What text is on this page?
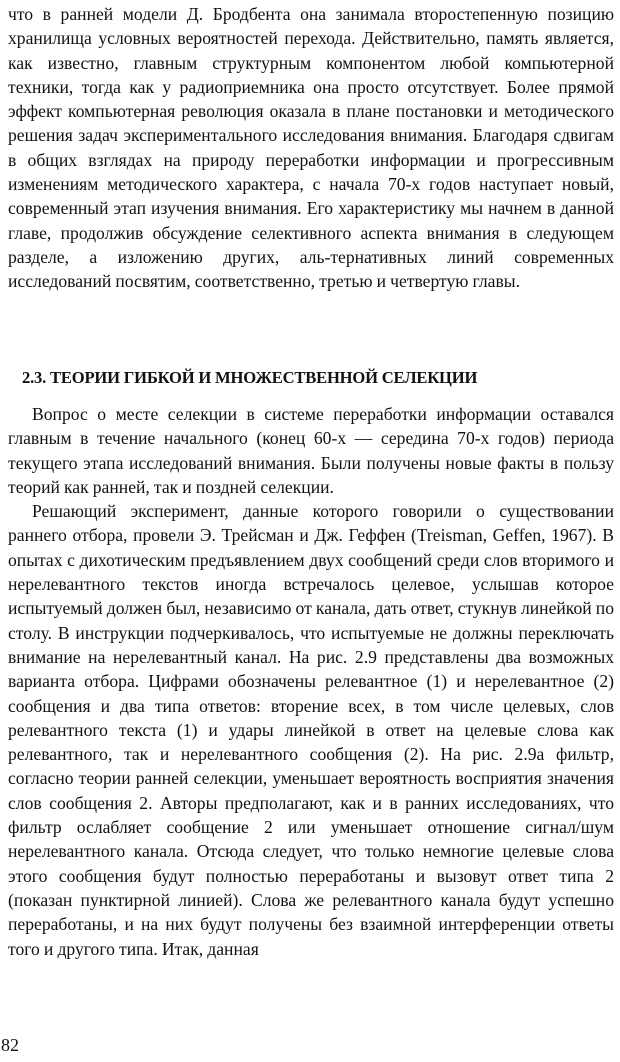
что в ранней модели Д. Бродбента она занимала второстепенную позицию хранилища условных вероятностей перехода. Действительно, память является, как известно, главным структурным компонентом любой компьютерной техники, тогда как у радиоприемника она просто отсутствует. Более прямой эффект компьютерная революция оказала в плане постановки и методического решения задач экспериментального исследования внимания. Благодаря сдвигам в общих взглядах на природу переработки информации и прогрессивным изменениям методического характера, с начала 70-х годов наступает новый, современный этап изучения внимания. Его характеристику мы начнем в данной главе, продолжив обсуждение селективного аспекта внимания в следующем разделе, а изложению других, аль-тернативных линий современных исследований посвятим, соответственно, третью и четвертую главы.

2.3. ТЕОРИИ ГИБКОЙ И МНОЖЕСТВЕННОЙ СЕЛЕКЦИИ

Вопрос о месте селекции в системе переработки информации оставался главным в течение начального (конец 60-х — середина 70-х годов) периода текущего этапа исследований внимания. Были получены новые факты в пользу теорий как ранней, так и поздней селекции.

Решающий эксперимент, данные которого говорили о существовании раннего отбора, провели Э. Трейсман и Дж. Геффен (Treisman, Geffen, 1967). В опытах с дихотическим предъявлением двух сообщений среди слов вторимого и нерелевантного текстов иногда встречалось целевое, услышав которое испытуемый должен был, независимо от канала, дать ответ, стукнув линейкой по столу. В инструкции подчеркивалось, что испытуемые не должны переключать внимание на нерелевантный канал. На рис. 2.9 представлены два возможных варианта отбора. Цифрами обозначены релевантное (1) и нерелевантное (2) сообщения и два типа ответов: вторение всех, в том числе целевых, слов релевантного текста (1) и удары линейкой в ответ на целевые слова как релевантного, так и нерелевантного сообщения (2). На рис. 2.9а фильтр, согласно теории ранней селекции, уменьшает вероятность восприятия значения слов сообщения 2. Авторы предполагают, как и в ранних исследованиях, что фильтр ослабляет сообщение 2 или уменьшает отношение сигнал/шум нерелевантного канала. Отсюда следует, что только немногие целевые слова этого сообщения будут полностью переработаны и вызовут ответ типа 2 (показан пунктирной линией). Слова же релевантного канала будут успешно переработаны, и на них будут получены без взаимной интерференции ответы того и другого типа. Итак, данная

82
